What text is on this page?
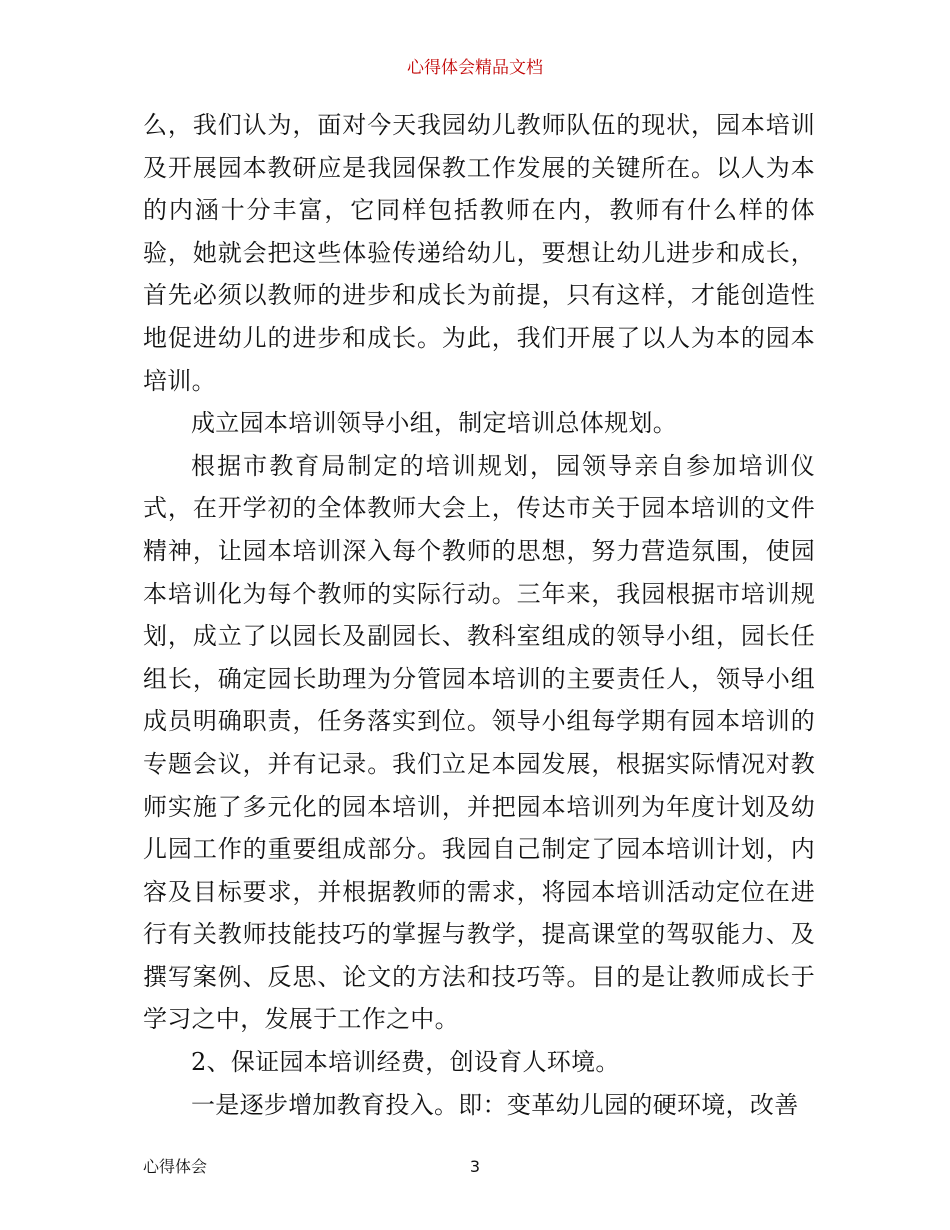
心得体会精品文档

么，我们认为，面对今天我园幼儿教师队伍的现状，园本培训及开展园本教研应是我园保教工作发展的关键所在。以人为本的内涵十分丰富，它同样包括教师在内，教师有什么样的体验，她就会把这些体验传递给幼儿，要想让幼儿进步和成长，首先必须以教师的进步和成长为前提，只有这样，才能创造性地促进幼儿的进步和成长。为此，我们开展了以人为本的园本培训。

成立园本培训领导小组，制定培训总体规划。

根据市教育局制定的培训规划，园领导亲自参加培训仪式，在开学初的全体教师大会上，传达市关于园本培训的文件精神，让园本培训深入每个教师的思想，努力营造氛围，使园本培训化为每个教师的实际行动。三年来，我园根据市培训规划，成立了以园长及副园长、教科室组成的领导小组，园长任组长，确定园长助理为分管园本培训的主要责任人，领导小组成员明确职责，任务落实到位。领导小组每学期有园本培训的专题会议，并有记录。我们立足本园发展，根据实际情况对教师实施了多元化的园本培训，并把园本培训列为年度计划及幼儿园工作的重要组成部分。我园自己制定了园本培训计划，内容及目标要求，并根据教师的需求，将园本培训活动定位在进行有关教师技能技巧的掌握与教学，提高课堂的驾驭能力、及撰写案例、反思、论文的方法和技巧等。目的是让教师成长于学习之中，发展于工作之中。

2、保证园本培训经费，创设育人环境。

一是逐步增加教育投入。即：变革幼儿园的硬环境，改善

心得体会	3
